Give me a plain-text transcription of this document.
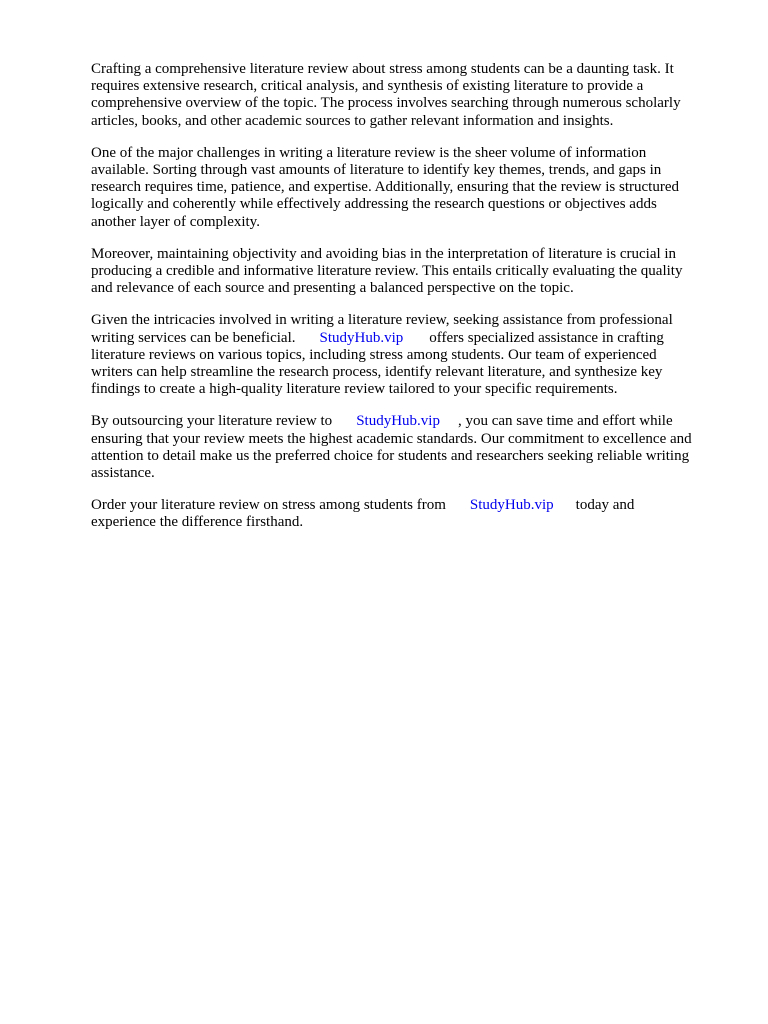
Crafting a comprehensive literature review about stress among students can be a daunting task. It
requires extensive research, critical analysis, and synthesis of existing literature to provide a
comprehensive overview of the topic. The process involves searching through numerous scholarly
articles, books, and other academic sources to gather relevant information and insights.

One of the major challenges in writing a literature review is the sheer volume of information
available. Sorting through vast amounts of literature to identify key themes, trends, and gaps in
research requires time, patience, and expertise. Additionally, ensuring that the review is structured
logically and coherently while effectively addressing the research questions or objectives adds
another layer of complexity.

Moreover, maintaining objectivity and avoiding bias in the interpretation of literature is crucial in
producing a credible and informative literature review. This entails critically evaluating the quality
and relevance of each source and presenting a balanced perspective on the topic.

Given the intricacies involved in writing a literature review, seeking assistance from professional
writing services can be beneficial. StudyHub.vip offers specialized assistance in crafting
literature reviews on various topics, including stress among students. Our team of experienced
writers can help streamline the research process, identify relevant literature, and synthesize key
findings to create a high-quality literature review tailored to your specific requirements.

By outsourcing your literature review to StudyHub.vip , you can save time and effort while
ensuring that your review meets the highest academic standards. Our commitment to excellence and
attention to detail make us the preferred choice for students and researchers seeking reliable writing
assistance.

Order your literature review on stress among students from StudyHub.vip today and
experience the difference firsthand.
